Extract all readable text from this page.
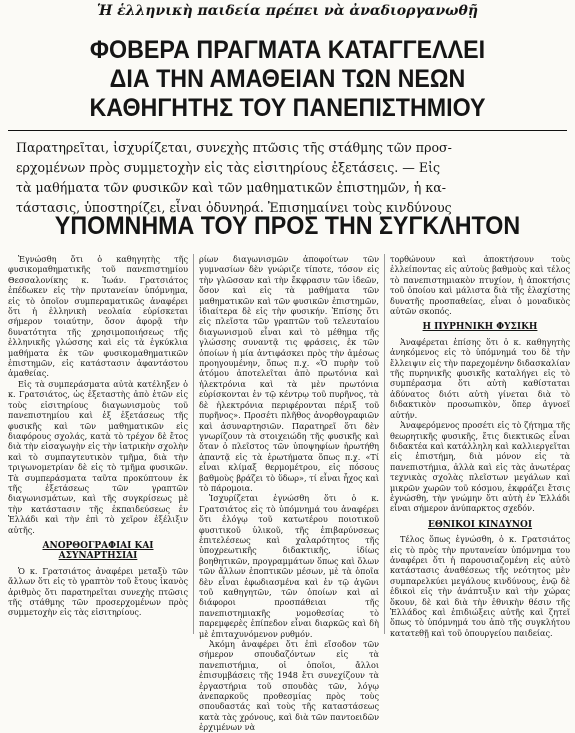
Ἡ ἑλληνικὴ παιδεία πρέπει νὰ ἀναδιοργανωθῇ
ΦΟΒΕΡΑ ΠΡΑΓΜΑΤΑ ΚΑΤΑΓΓΕΛΛΕΙ
ΔΙΑ ΤΗΝ ΑΜΑΘΕΙΑΝ ΤΩΝ ΝΕΩΝ
ΚΑΘΗΓΗΤΗΣ ΤΟΥ ΠΑΝΕΠΙΣΤΗΜΙΟΥ
Παρατηρεῖται, ἰσχυρίζεται, συνεχὴς πτῶσις τῆς στάθμης τῶν προσ-
ερχομένων πρὸς συμμετοχὴν εἰς τὰς εἰσιτηρίους ἐξετάσεις. — Εἰς
τὰ μαθήματα τῶν φυσικῶν καὶ τῶν μαθηματικῶν ἐπιστημῶν, ἡ κα-
τάστασις, ὑποστηρίζει, εἶναι ὀδυνηρά. Ἐπισημαίνει τοὺς κινδύνους
ΥΠΟΜΝΗΜΑ ΤΟΥ ΠΡΟΣ ΤΗΝ ΣΥΓΚΛΗΤΟΝ

Ἐγνώσθη ὅτι ὁ καθηγητὴς τῆς φυσικομαθηματικῆς τοῦ πανεπιστημίου Θεσσαλονίκης κ. Ἰωάν. Γρατσιάτος ἐπέδωκεν εἰς τὴν πρυτανείαν ὑπόμνημα, εἰς τὸ ὁποῖον συμπεραματικῶς ἀναφέρει ὅτι ἡ ἑλληνικὴ νεολαία εὑρίσκεται σήμερον τοιαύτην, ὅσον ἀφορᾷ τὴν δυνατότητα τῆς χρησιμοποιήσεως τῆς ἑλληνικῆς γλώσσης καὶ εἰς τὰ ἐγκύκλια μαθήματα ἐκ τῶν φυσικομαθηματικῶν ἐπιστημῶν, εἰς κατάστασιν ἀφαντάστου ἀμαθείας.

Εἰς τὰ συμπεράσματα αὐτὰ κατέληξεν ὁ κ. Γρατσιάτος, ὡς ἐξεταστὴς ἀπὸ ἐτῶν εἰς τοὺς εἰσιτηρίους διαγωνισμοὺς τοῦ πανεπιστημίου καὶ ἐξ ἐξετάσεως τῆς φυσικῆς καὶ τῶν μαθηματικῶν εἰς διαφόρους σχολάς, κατὰ τὸ τρέχον δὲ ἔτος διὰ τὴν εἰσαγωγὴν εἰς τὴν ἰατρικὴν σχολὴν καὶ τὸ συμπαγτευτικὸν τμῆμα, διὰ τὴν τριγωνομετρίαν δὲ εἰς τὸ τμῆμα φυσικῶν. Τὰ συμπεράσματα ταῦτα προκύπτουν ἐκ τῆς ἐξετάσεως τῶν γραπτῶν διαγωνισμάτων, καὶ τῆς συγκρίσεως μὲ τὴν κατάστασιν τῆς ἐκπαιδεύσεως ἐν Ἑλλάδι καὶ τὴν ἐπὶ τὸ χεῖρον ἐξέλιξιν αὐτῆς.

ΑΝΟΡΘΟΓΡΑΦΙΑΙ ΚΑΙ ΑΣΥΝΑΡΤΗΣΙΑΙ

Ὁ κ. Γρατσιάτος ἀναφέρει μεταξὺ τῶν ἄλλων ὅτι εἰς τὸ γραπτὸν τοῦ ἔτους ἱκανὸς ἀριθμὸς ὅτι παρατηρεῖται συνεχὴς πτῶσις τῆς στάθμης τῶν προσερχομένων πρὸς συμμετοχὴν εἰς τὰς εἰσιτηρίους.

ρίων διαγωνισμῶν ἀποφοίτων τῶν γυμνασίων δὲν γνώριζε τίποτε, τόσον εἰς τὴν γλῶσσαν καὶ τὴν ἔκφρασιν τῶν ἰδεῶν, ὅσον καὶ εἰς τὰ μαθήματα τῶν μαθηματικῶν καὶ τῶν φυσικῶν ἐπιστημῶν, ἰδιαίτερα δὲ εἰς τὴν φυσικήν. Ἐπίσης ὅτι εἰς πλεῖστα τῶν γραπτῶν τοῦ τελευταίου διαγωνισμοῦ εἶναι καὶ τὸ μέθημα τῆς γλώσσης συναντᾷ τις φράσεις, ἐκ τῶν ὁποίων ἡ μία ἀντιφάσκει πρὸς τὴν ἀμέσως προηγουμένην, ὅπως π.χ. «Ὁ πυρὴν τοῦ ἀτόμου ἀποτελεῖται ἀπὸ πρωτόνια καὶ ἠλεκτρόνια καὶ τὰ μὲν πρωτόνια εὑρίσκονται ἐν τῷ κέντρῳ τοῦ πυρῆνος, τὰ δὲ ἠλεκτρόνια περιφέρονται πέριξ τοῦ πυρῆνος». Προσέτι πλῆθος ἀνορθογραφιῶν καὶ ἀσυναρτησιῶν. Παρατηρεῖ ὅτι δὲν γνωρίζουν τὰ στοιχειώδη τῆς φυσικῆς καὶ ὅταν ὁ πλεῖστος τῶν ὑποψηφίων ἠρωτήθη ἀπαντᾷ εἰς τὰ ἐρωτήματα ὅπως π.χ. «Τί εἶναι κλίμαξ θερμομέτρου, εἰς πόσους βαθμοὺς βράζει τὸ ὕδωρ», τί εἶναι ἦχος καὶ τὸ πάρομοια.

Ἰσχυρίζεται ἐγνώσθη ὅτι ὁ κ. Γρατσιάτος εἰς τὸ ὑπόμνημά του ἀναφέρει ὅτι ἐλόγῳ τοῦ κατωτέρου ποιοτικοῦ φυσιτικοῦ ὑλικοῦ, τῆς ἐπιβαρύνσεως ἐπιτελέσεως καὶ χαλαρότητος τῆς ὑποχρεωτικῆς διδακτικῆς, ἰδίως βοηθητικῶν, προγραμμάτων ὅπως καὶ ὅλων τῶν ἄλλων ἐποπτικῶν μέσων, μὲ τὰ ὁποῖα δὲν εἶναι ἐφωδιασμένα καὶ ἐν τῷ ἀγῶνι τοῦ καθηγητῶν, τῶν ὁποίων καὶ αἱ διάφοροι προσπάθειαι τῆς πανεπιστημιακῆς νομοθεσίας τὸ παρεμφερὲς ἐπίπεδον εἶναι διαρκῶς καὶ δὴ μὲ ἐπιταχυνόμενον ρυθμόν.

Ἀκόμη ἀναφέρει ὅτι ἐπὶ εἴσοδον τῶν σήμερον σπουδαζόντων εἰς τὰ πανεπιστήμια, οἱ ὁποῖοι, ἄλλοι ἐπισυμβάσεις τῆς 1948 ἔτι συνεχίζουν τὰ ἐργαστήρια τοῦ σπουδὰς τῶν, λόγῳ ἀνεπαρκοῦς προθεσμίας πρὸς τοὺς σπουδαστάς καὶ τοὺς τῆς καταστάσεως κατὰ τὰς χρόνους, καὶ διὰ τῶν παντοειδῶν ἐρχιμένων νὰ

τορθώνουν καὶ ἀποκτήσουν τοὺς ἐλλείποντας εἰς αὐτοὺς βαθμοὺς καὶ τέλος τὸ πανεπιστημιακὸν πτυχίον, ἡ ἀποκτήσις τοῦ ὁποίου καὶ μάλιστα διὰ τῆς ἐλαχίστης δυνατῆς προσπαθείας, εἶναι ὁ μοναδικὸς αὐτῶν σκοπός.

Η ΠΥΡΗΝΙΚΗ ΦΥΣΙΚΗ

Ἀναφέρεται ἐπίσης ὅτι ὁ κ. καθηγητὴς ἀνηκόμενος εἰς τὸ ὑπόμνημά του δὲ τὴν ἔλλειψιν εἰς τὴν παρεχομένην διδασκαλίαν τῆς πυρηνικῆς φυσικῆς καταλήγει εἰς τὸ συμπέρασμα ὅτι αὐτὴ καθίσταται ἀδύνατος διότι αὐτὴ γίνεται διὰ τὸ διδακτικὸν προσωπικὸν, ὅπερ ἀγνοεῖ αὐτήν.

Ἀναφερόμενος προσέτι εἰς τὸ ζήτημα τῆς θεωρητικῆς φυσικῆς, ἔτις διεκτικῶς εἶναι διδακτέα καὶ κατάλληλη καὶ καλλιεργεῖται εἰς ἐπιστήμη, διὰ μόνον εἰς τὰ πανεπιστήμια, ἀλλὰ καὶ εἰς τὰς ἀνωτέρας τεχνικὰς σχολὰς πλεῖστων μεγάλων καὶ μικρῶν χωρῶν τοῦ κόσμου, ἐκφράζει ἔτσις ἐγνώσθη, τὴν γνώμην ὅτι αὐτὴ ἐν Ἑλλάδι εἶναι σήμερον ἀνύπαρκτος σχεδόν.

ΕΘΝΙΚΟΙ ΚΙΝΔΥΝΟΙ

Τέλος ὅπως ἐγνώσθη, ὁ κ. Γρατσιάτος εἰς τὸ πρὸς τὴν πρυτανείαν ὑπόμνημα του ἀναφέρει ὅτι ἡ παρουσιαζομένη εἰς αὐτὸ κατάστασις ἀναθέσεως τῆς νεότητος μὲν συμπαρελκύει μεγάλους κινδύνους, ἐνῷ δὲ ἐδικοὶ εἰς τὴν ἀνάπτυξιν καὶ τὴν χώρας ὅκουν, δὲ καὶ διὰ τὴν ἐθνικὴν θέσιν τῆς Ἑλλάδος καὶ ἐπιδιώξεις αὐτῆς καὶ ζητεῖ ὅπως τὸ ὑπόμνημά του ἀπὸ τῆς συγκλήτου κατατεθῇ καὶ τοῦ ὁπουργείου παιδείας.
